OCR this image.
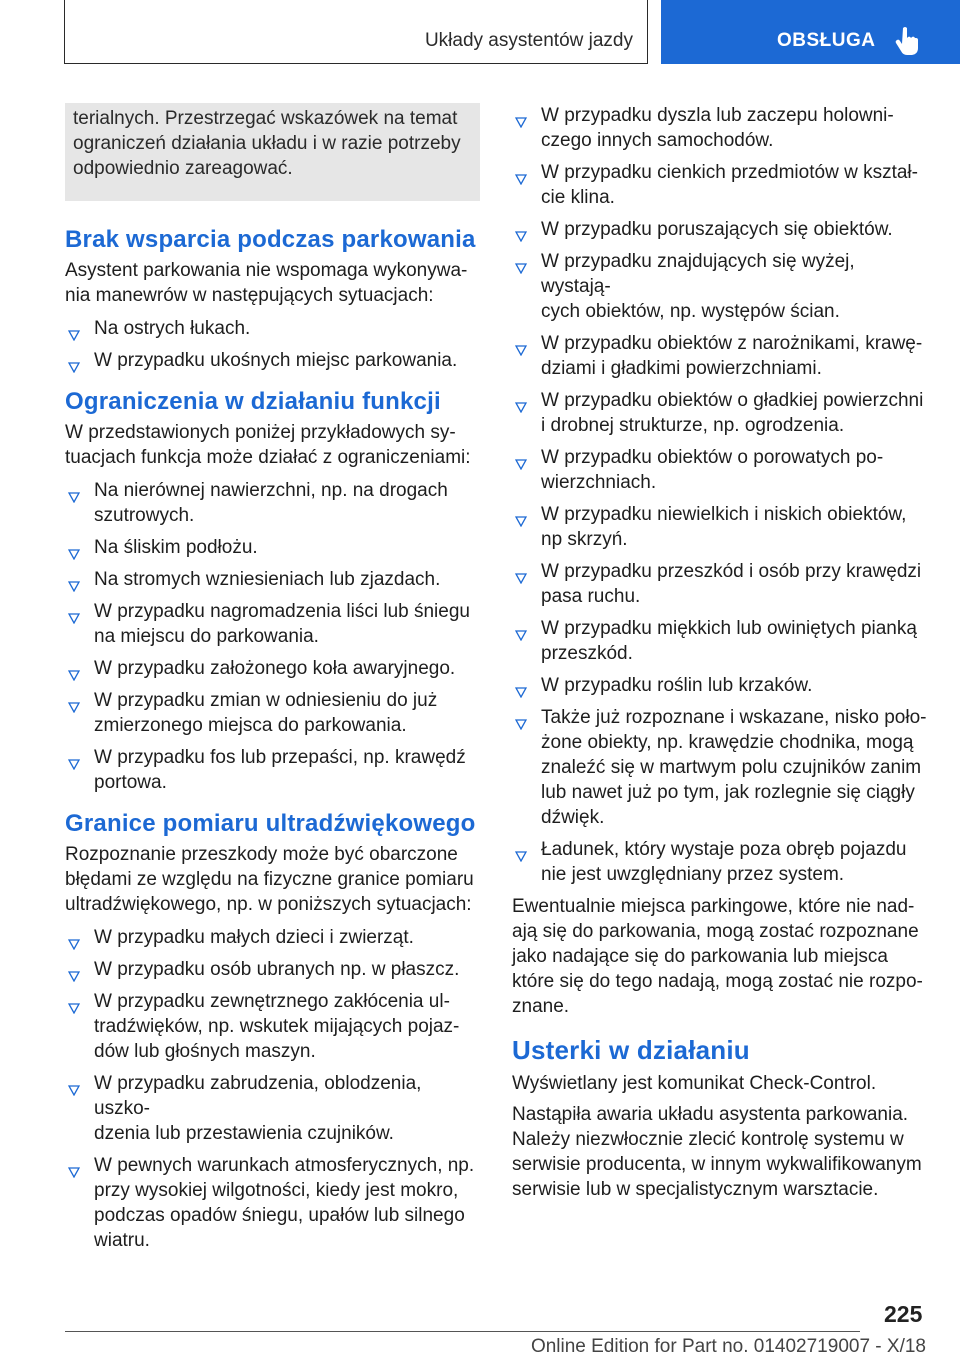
Układy asystentów jazdy	OBSŁUGA

terialnych. Przestrzegać wskazówek na temat
ograniczeń działania układu i w razie potrzeby
odpowiednio zareagować.

Brak wsparcia podczas parkowania

Asystent parkowania nie wspomaga wykonywa-
nia manewrów w następujących sytuacjach:

Na ostrych łukach.
W przypadku ukośnych miejsc parkowania.
Ograniczenia w działaniu funkcji

W przedstawionych poniżej przykładowych sy-
tuacjach funkcja może działać z ograniczeniami:

Na nierównej nawierzchni, np. na drogach
szutrowych.
Na śliskim podłożu.
Na stromych wzniesieniach lub zjazdach.
W przypadku nagromadzenia liści lub śniegu
na miejscu do parkowania.
W przypadku założonego koła awaryjnego.
W przypadku zmian w odniesieniu do już
zmierzonego miejsca do parkowania.
W przypadku fos lub przepaści, np. krawędź
portowa.
Granice pomiaru ultradźwiękowego

Rozpoznanie przeszkody może być obarczone
błędami ze względu na fizyczne granice pomiaru
ultradźwiękowego, np. w poniższych sytuacjach:

W przypadku małych dzieci i zwierząt.
W przypadku osób ubranych np. w płaszcz.
W przypadku zewnętrznego zakłócenia ul-
tradźwięków, np. wskutek mijających pojaz-
dów lub głośnych maszyn.
W przypadku zabrudzenia, oblodzenia, uszko-
dzenia lub przestawienia czujników.
W pewnych warunkach atmosferycznych, np.
przy wysokiej wilgotności, kiedy jest mokro,
podczas opadów śniegu, upałów lub silnego
wiatru.
W przypadku dyszla lub zaczepu holowni-
czego innych samochodów.
W przypadku cienkich przedmiotów w kształ-
cie klina.
W przypadku poruszających się obiektów.
W przypadku znajdujących się wyżej, wystają-
cych obiektów, np. występów ścian.
W przypadku obiektów z narożnikami, krawę-
dziami i gładkimi powierzchniami.
W przypadku obiektów o gładkiej powierzchni
i drobnej strukturze, np. ogrodzenia.
W przypadku obiektów o porowatych po-
wierzchniach.
W przypadku niewielkich i niskich obiektów,
np skrzyń.
W przypadku przeszkód i osób przy krawędzi
pasa ruchu.
W przypadku miękkich lub owiniętych pianką
przeszkód.
W przypadku roślin lub krzaków.
Także już rozpoznane i wskazane, nisko poło-
żone obiekty, np. krawędzie chodnika, mogą
znaleźć się w martwym polu czujników zanim
lub nawet już po tym, jak rozlegnie się ciągły
dźwięk.
Ładunek, który wystaje poza obręb pojazdu
nie jest uwzględniany przez system.

Ewentualnie miejsca parkingowe, które nie nad-
ają się do parkowania, mogą zostać rozpoznane
jako nadające się do parkowania lub miejsca
które się do tego nadają, mogą zostać nie rozpo-
znane.

Usterki w działaniu

Wyświetlany jest komunikat Check-Control.

Nastąpiła awaria układu asystenta parkowania.
Należy niezwłocznie zlecić kontrolę systemu w
serwisie producenta, w innym wykwalifikowanym
serwisie lub w specjalistycznym warsztacie.

225
Online Edition for Part no. 01402719007 - X/18
